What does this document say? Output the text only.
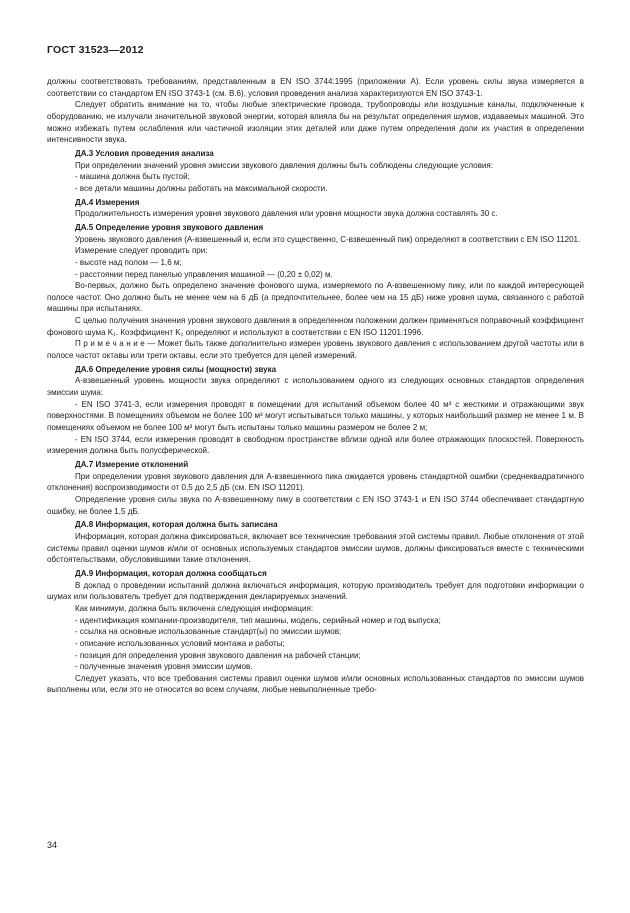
ГОСТ 31523—2012

должны соответствовать требованиям, представленным в EN ISO 3744:1995 (приложении А). Если уровень силы звука измеряется в соответствии со стандартом EN ISO 3743-1 (см. В.6), условия проведения анализа характеризуются EN ISO 3743-1.

Следует обратить внимание на то, чтобы любые электрические провода, трубопроводы или воздушные каналы, подключенные к оборудованию, не излучали значительной звуковой энергии, которая влияла бы на результат определения шумов, издаваемых машиной. Это можно избежать путем ослабления или частичной изоляции этих деталей или даже путем определения доли их участия в определении интенсивности звука.

ДА.3 Условия проведения анализа

При определении значений уровня эмиссии звукового давления должны быть соблюдены следующие условия:

- машина должна быть пустой;

- все детали машины должны работать на максимальной скорости.

ДА.4 Измерения

Продолжительность измерения уровня звукового давления или уровня мощности звука должна составлять 30 с.

ДА.5 Определение уровня звукового давления

Уровень звукового давления (A-взвешенный и, если это существенно, C-взвешенный пик) определяют в соответствии с EN ISO 11201.

Измерение следует проводить при:

- высоте над полом — 1,6 м;

- расстоянии перед панелью управления машиной — (0,20 ± 0,02) м.

Во-первых, должно быть определено значение фонового шума, измеряемого по A-взвешенному пику, или по каждой интересующей полосе частот. Оно должно быть не менее чем на 6 дБ (а предпочтительнее, более чем на 15 дБ) ниже уровня шума, связанного с работой машины при испытаниях.

С целью получения значения уровня звукового давления в определенном положении должен применяться поправочный коэффициент фонового шума K₁. Коэффициент K₁ определяют и используют в соответствии с EN ISO 11201:1996.

П р и м е ч а н и е — Может быть также дополнительно измерен уровень звукового давления с использованием другой частоты или в полосе частот октавы или трети октавы, если это требуется для целей измерений.

ДА.6 Определение уровня силы (мощности) звука

A-взвешенный уровень мощности звука определяют с использованием одного из следующих основных стандартов определения эмиссии шума:

- EN ISO 3741-3, если измерения проводят в помещении для испытаний объемом более 40 м³ с жесткими и отражающими звук поверхностями. В помещениях объемом не более 100 м³ могут испытываться только машины, у которых наибольший размер не менее 1 м. В помещениях объемом не более 100 м³ могут быть испытаны только машины размером не более 2 м;

- EN ISO 3744, если измерения проводят в свободном пространстве вблизи одной или более отражающих плоскостей. Поверхность измерения должна быть полусферической.

ДА.7 Измерение отклонений

При определении уровня звукового давления для A-взвешенного пика ожидается уровень стандартной ошибки (среднеквадратичного отклонения) воспроизводимости от 0,5 до 2,5 дБ (см. EN ISO 11201).

Определение уровня силы звука по A-взвешенному пику в соответствии с EN ISO 3743-1 и EN ISO 3744 обеспечивает стандартную ошибку, не более 1,5 дБ.

ДА.8 Информация, которая должна быть записана

Информация, которая должна фиксироваться, включает все технические требования этой системы правил. Любые отклонения от этой системы правил оценки шумов и/или от основных используемых стандартов эмиссии шумов, должны фиксироваться вместе с техническими обстоятельствами, обусловившими такие отклонения.

ДА.9 Информация, которая должна сообщаться

В доклад о проведении испытаний должна включаться информация, которую производитель требует для подготовки информации о шумах или пользователь требует для подтверждения декларируемых значений.

Как минимум, должна быть включена следующая информация:

- идентификация компании-производителя, тип машины, модель, серийный номер и год выпуска;

- ссылка на основные использованные стандарт(ы) по эмиссии шумов;

- описание использованных условий монтажа и работы;

- позиция для определения уровня звукового давления на рабочей станции;

- полученные значения уровня эмиссии шумов.

Следует указать, что все требования системы правил оценки шумов и/или основных использованных стандартов по эмиссии шумов выполнены или, если это не относится во всем случаям, любые невыполненные требо-

34
